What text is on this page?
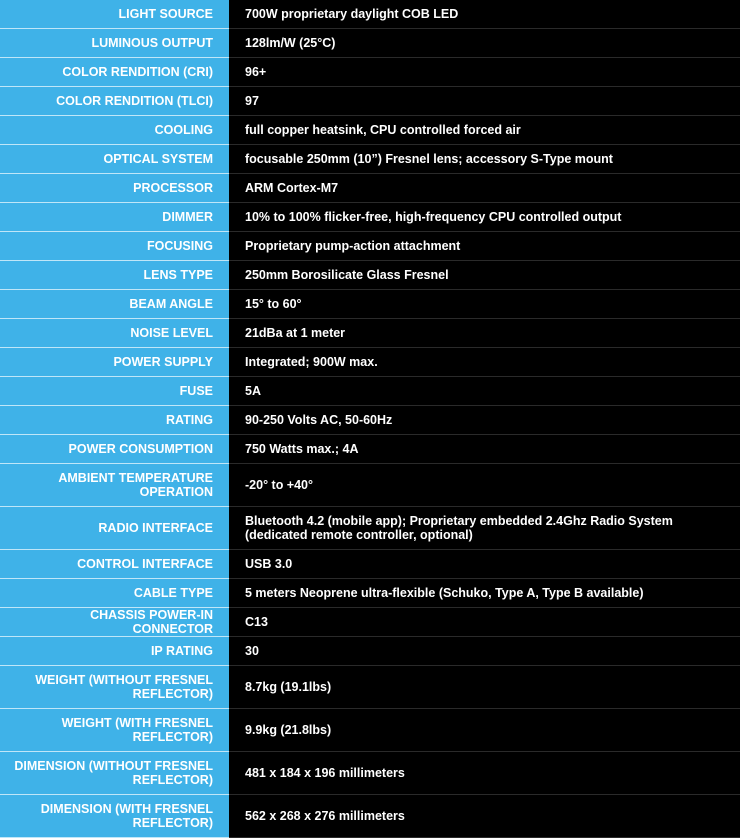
LIGHT SOURCE	700W proprietary daylight COB LED
LUMINOUS OUTPUT	128lm/W (25°C)
COLOR RENDITION (CRI)	96+
COLOR RENDITION (TLCI)	97
COOLING	full copper heatsink, CPU controlled forced air
OPTICAL SYSTEM	focusable 250mm (10”) Fresnel lens; accessory S-Type mount
PROCESSOR	ARM Cortex-M7
DIMMER	10% to 100% flicker-free, high-frequency CPU controlled output
FOCUSING	Proprietary pump-action attachment
LENS TYPE	250mm Borosilicate Glass Fresnel
BEAM ANGLE	15° to 60°
NOISE LEVEL	21dBa at 1 meter
POWER SUPPLY	Integrated; 900W max.
FUSE	5A
RATING	90-250 Volts AC, 50-60Hz
POWER CONSUMPTION	750 Watts max.; 4A
AMBIENT TEMPERATURE OPERATION	-20° to +40°
RADIO INTERFACE	Bluetooth 4.2 (mobile app); Proprietary embedded 2.4Ghz Radio System (dedicated remote controller, optional)
CONTROL INTERFACE	USB 3.0
CABLE TYPE	5 meters Neoprene ultra-flexible (Schuko, Type A, Type B available)
CHASSIS POWER-IN CONNECTOR	C13
IP RATING	30
WEIGHT (WITHOUT FRESNEL REFLECTOR)	8.7kg (19.1lbs)
WEIGHT (WITH FRESNEL REFLECTOR)	9.9kg (21.8lbs)
DIMENSION (WITHOUT FRESNEL REFLECTOR)	481 x 184 x 196 millimeters
DIMENSION (WITH FRESNEL REFLECTOR)	562 x 268 x 276 millimeters
